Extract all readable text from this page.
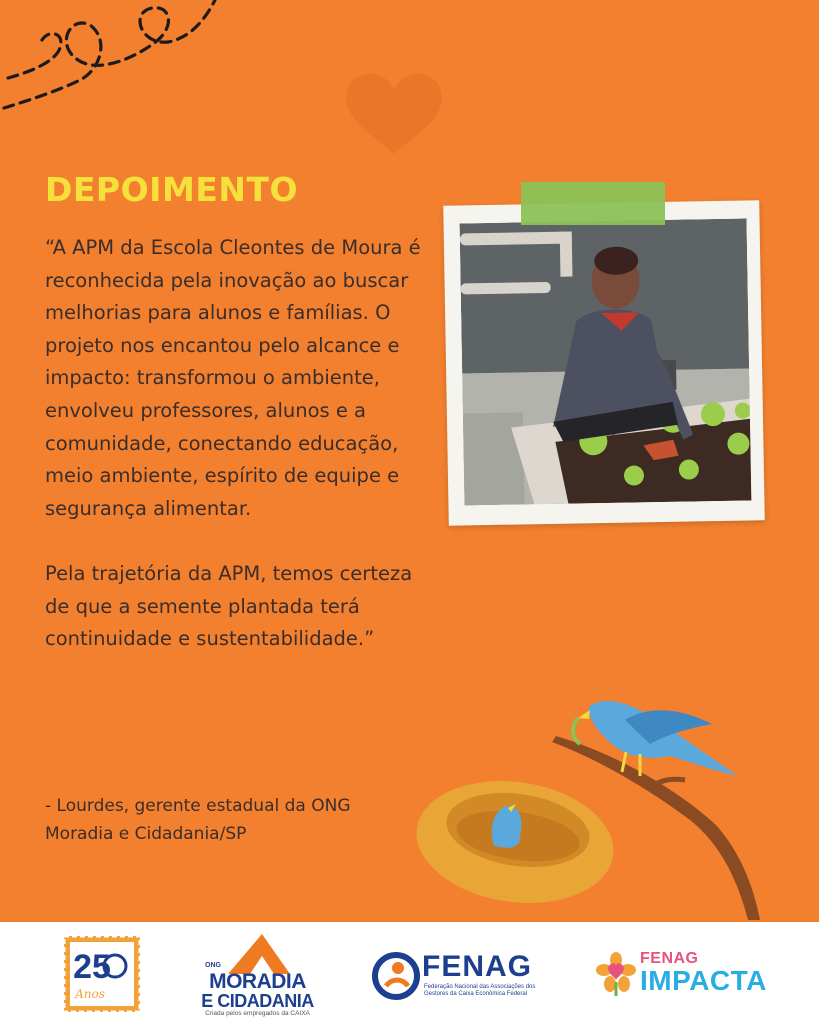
DEPOIMENTO

“A APM da Escola Cleontes de Moura é reconhecida pela inovação ao buscar melhorias para alunos e famílias. O projeto nos encantou pelo alcance e impacto: transformou o ambiente, envolveu professores, alunos e a comunidade, conectando educação, meio ambiente, espírito de equipe e segurança alimentar.

Pela trajetória da APM, temos certeza de que a semente plantada terá continuidade e sustentabilidade.”

- Lourdes, gerente estadual da ONG
Moradia e Cidadania/SP
25
Anos
ONG
MORADIA
E CIDADANIA
Criada pelos empregados da CAIXA
FENAG
Federação Nacional das Associações dos Gestores da Caixa Econômica Federal
FENAG
IMPACTA
